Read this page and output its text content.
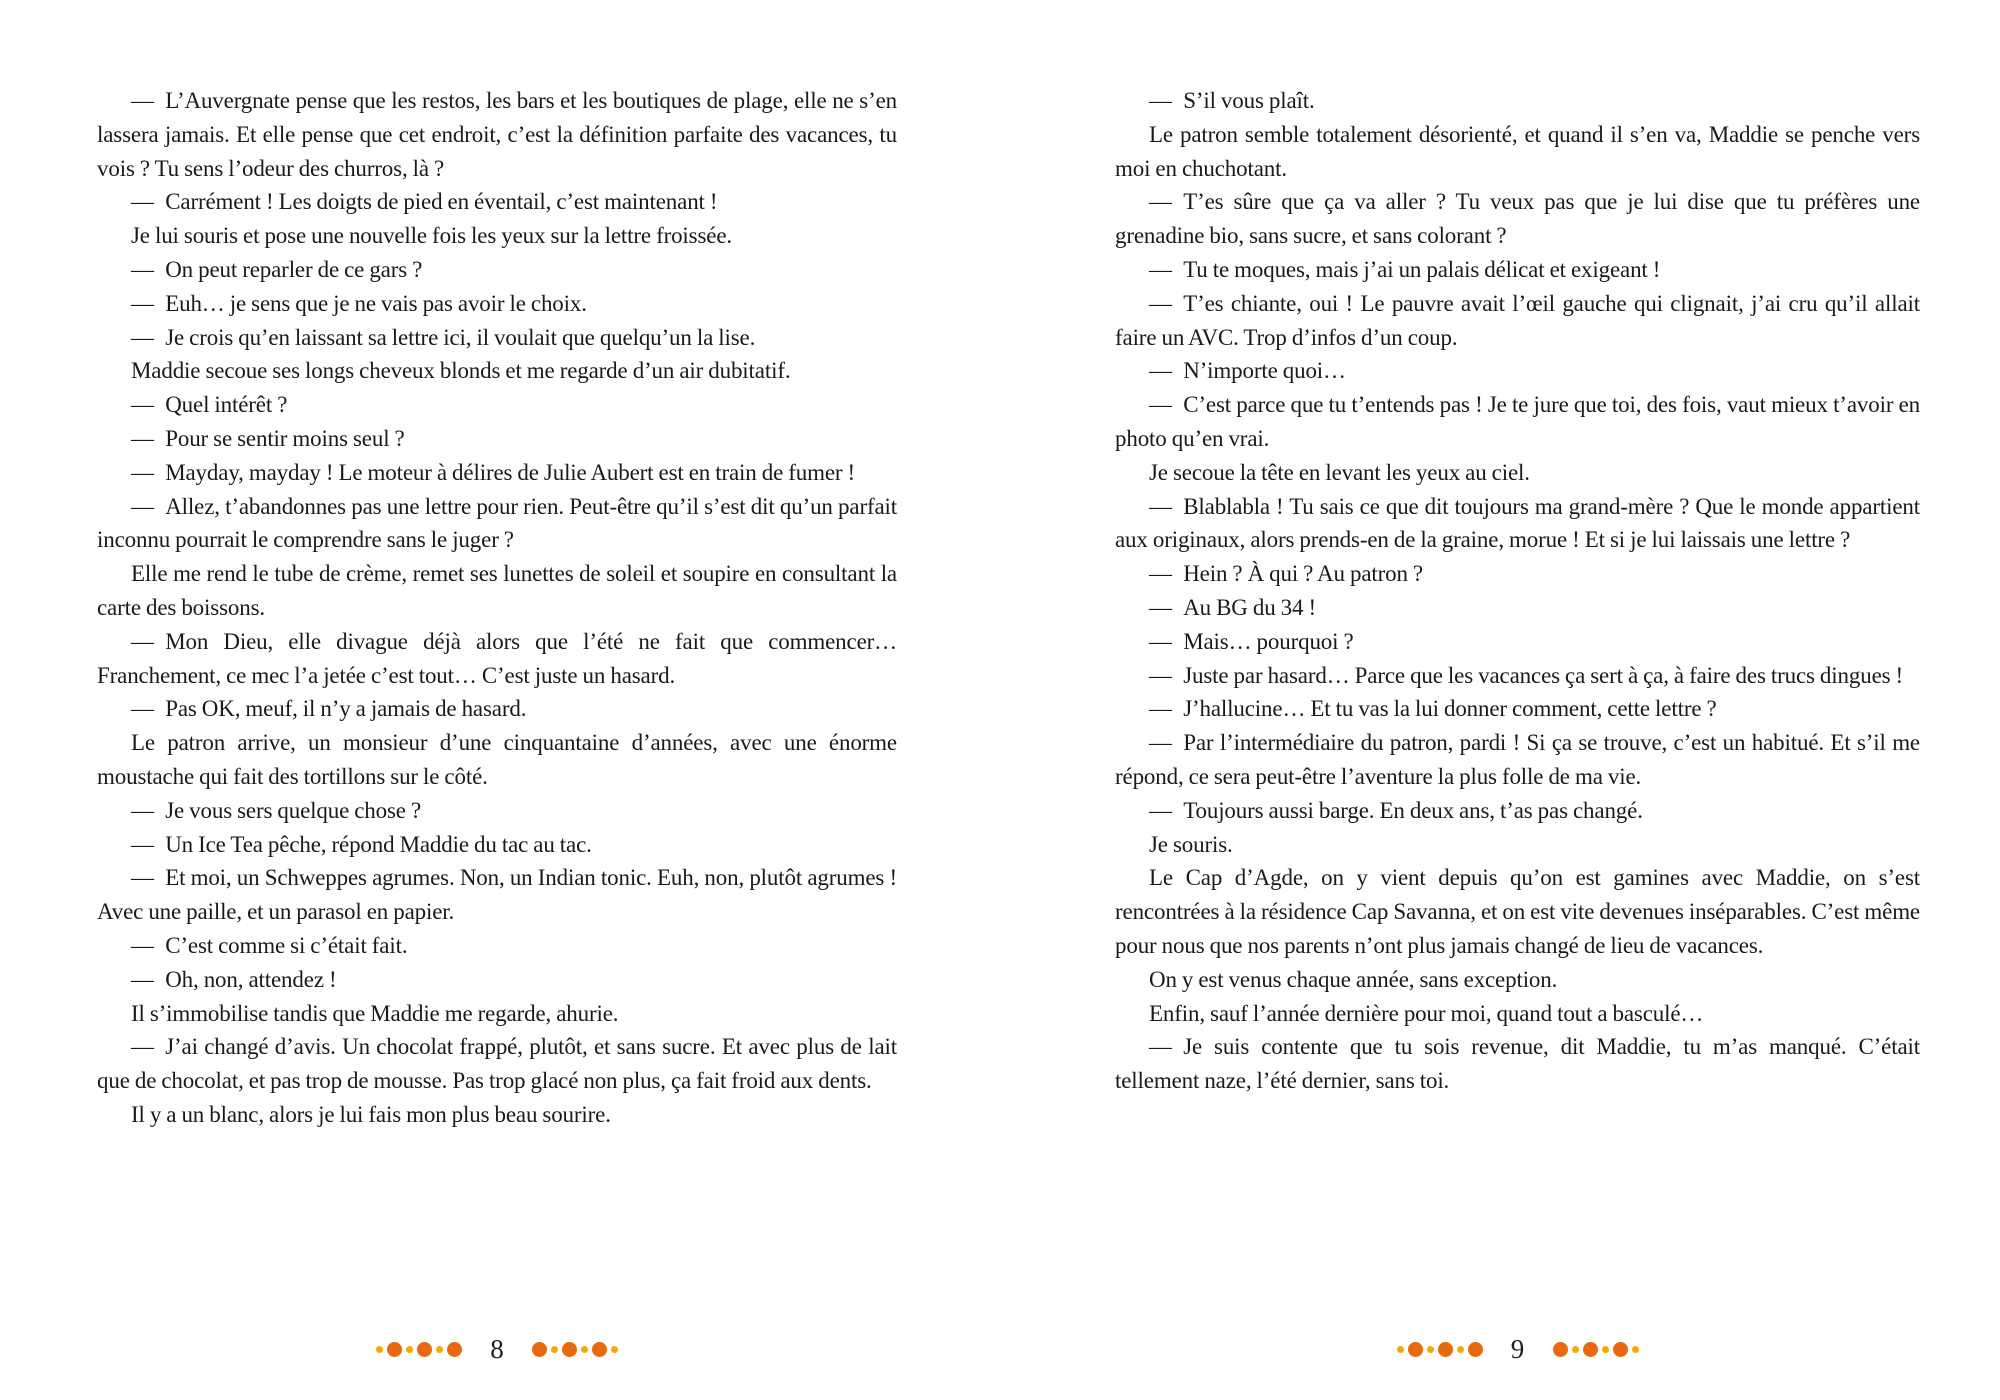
— L’Auvergnate pense que les restos, les bars et les boutiques de plage, elle ne s’en lassera jamais. Et elle pense que cet endroit, c’est la définition parfaite des vacances, tu vois ? Tu sens l’odeur des churros, là ?

— Carrément ! Les doigts de pied en éventail, c’est maintenant !

Je lui souris et pose une nouvelle fois les yeux sur la lettre froissée.

— On peut reparler de ce gars ?

— Euh… je sens que je ne vais pas avoir le choix.

— Je crois qu’en laissant sa lettre ici, il voulait que quelqu’un la lise.

Maddie secoue ses longs cheveux blonds et me regarde d’un air dubitatif.

— Quel intérêt ?

— Pour se sentir moins seul ?

— Mayday, mayday ! Le moteur à délires de Julie Aubert est en train de fumer !

— Allez, t’abandonnes pas une lettre pour rien. Peut-être qu’il s’est dit qu’un parfait inconnu pourrait le comprendre sans le juger ?

Elle me rend le tube de crème, remet ses lunettes de soleil et soupire en consultant la carte des boissons.

— Mon Dieu, elle divague déjà alors que l’été ne fait que commencer… Franchement, ce mec l’a jetée c’est tout… C’est juste un hasard.

— Pas OK, meuf, il n’y a jamais de hasard.

Le patron arrive, un monsieur d’une cinquantaine d’années, avec une énorme moustache qui fait des tortillons sur le côté.

— Je vous sers quelque chose ?

— Un Ice Tea pêche, répond Maddie du tac au tac.

— Et moi, un Schweppes agrumes. Non, un Indian tonic. Euh, non, plutôt agrumes ! Avec une paille, et un parasol en papier.

— C’est comme si c’était fait.

— Oh, non, attendez !

Il s’immobilise tandis que Maddie me regarde, ahurie.

— J’ai changé d’avis. Un chocolat frappé, plutôt, et sans sucre. Et avec plus de lait que de chocolat, et pas trop de mousse. Pas trop glacé non plus, ça fait froid aux dents.

Il y a un blanc, alors je lui fais mon plus beau sourire.

8

— S’il vous plaît.

Le patron semble totalement désorienté, et quand il s’en va, Maddie se penche vers moi en chuchotant.

— T’es sûre que ça va aller ? Tu veux pas que je lui dise que tu préfères une grenadine bio, sans sucre, et sans colorant ?

— Tu te moques, mais j’ai un palais délicat et exigeant !

— T’es chiante, oui ! Le pauvre avait l’œil gauche qui clignait, j’ai cru qu’il allait faire un AVC. Trop d’infos d’un coup.

— N’importe quoi…

— C’est parce que tu t’entends pas ! Je te jure que toi, des fois, vaut mieux t’avoir en photo qu’en vrai.

Je secoue la tête en levant les yeux au ciel.

— Blablabla ! Tu sais ce que dit toujours ma grand-mère ? Que le monde appartient aux originaux, alors prends-en de la graine, morue ! Et si je lui laissais une lettre ?

— Hein ? À qui ? Au patron ?

— Au BG du 34 !

— Mais… pourquoi ?

— Juste par hasard… Parce que les vacances ça sert à ça, à faire des trucs dingues !

— J’hallucine… Et tu vas la lui donner comment, cette lettre ?

— Par l’intermédiaire du patron, pardi ! Si ça se trouve, c’est un habitué. Et s’il me répond, ce sera peut-être l’aventure la plus folle de ma vie.

— Toujours aussi barge. En deux ans, t’as pas changé.

Je souris.

Le Cap d’Agde, on y vient depuis qu’on est gamines avec Maddie, on s’est rencontrées à la résidence Cap Savanna, et on est vite devenues inséparables. C’est même pour nous que nos parents n’ont plus jamais changé de lieu de vacances.

On y est venus chaque année, sans exception.

Enfin, sauf l’année dernière pour moi, quand tout a basculé…

— Je suis contente que tu sois revenue, dit Maddie, tu m’as manqué. C’était tellement naze, l’été dernier, sans toi.

9
